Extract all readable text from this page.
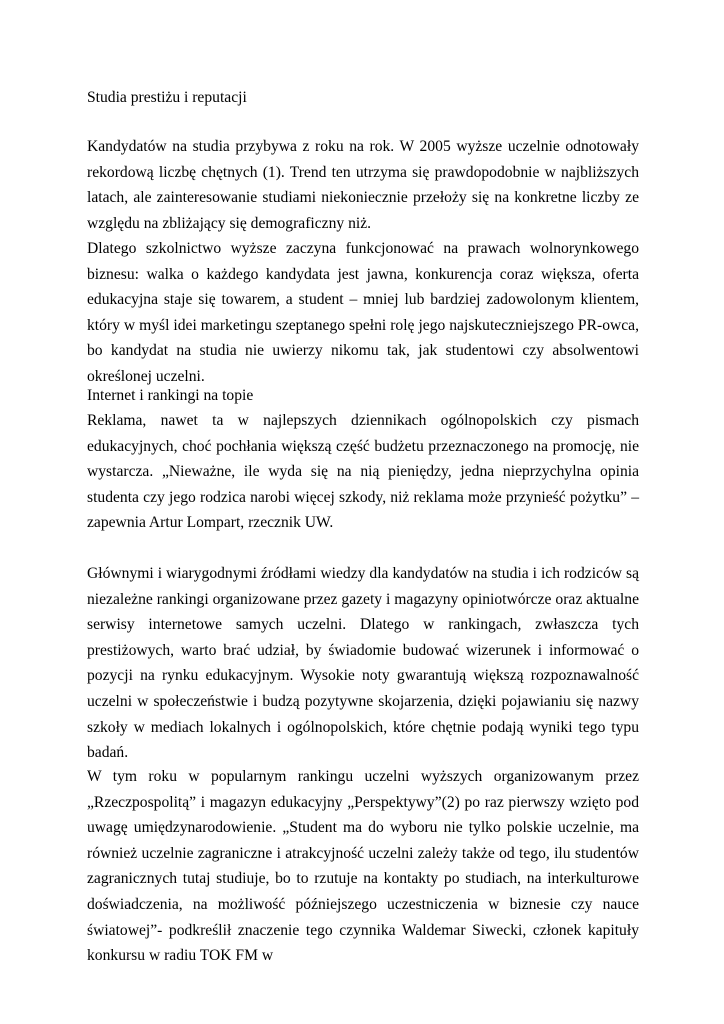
Studia prestiżu i reputacji

Kandydatów na studia przybywa z roku na rok. W 2005 wyższe uczelnie odnotowały rekordową liczbę chętnych (1). Trend ten utrzyma się prawdopodobnie w najbliższych latach, ale zainteresowanie studiami niekoniecznie przełoży się na konkretne liczby ze względu na zbliżający się demograficzny niż.

Dlatego szkolnictwo wyższe zaczyna funkcjonować na prawach wolnorynkowego biznesu: walka o każdego kandydata jest jawna, konkurencja coraz większa, oferta edukacyjna staje się towarem, a student – mniej lub bardziej zadowolonym klientem, który w myśl idei marketingu szeptanego spełni rolę jego najskuteczniejszego PR-owca, bo kandydat na studia nie uwierzy nikomu tak, jak studentowi czy absolwentowi określonej uczelni.

Internet i rankingi na topie

Reklama, nawet ta w najlepszych dziennikach ogólnopolskich czy pismach edukacyjnych, choć pochłania większą część budżetu przeznaczonego na promocję, nie wystarcza. „Nieważne, ile wyda się na nią pieniędzy, jedna nieprzychylna opinia studenta czy jego rodzica narobi więcej szkody, niż reklama może przynieść pożytku” – zapewnia Artur Lompart, rzecznik UW.

Głównymi i wiarygodnymi źródłami wiedzy dla kandydatów na studia i ich rodziców są niezależne rankingi organizowane przez gazety i magazyny opiniotwórcze oraz aktualne serwisy internetowe samych uczelni. Dlatego w rankingach, zwłaszcza tych prestiżowych, warto brać udział, by świadomie budować wizerunek i informować o pozycji na rynku edukacyjnym. Wysokie noty gwarantują większą rozpoznawalność uczelni w społeczeństwie i budzą pozytywne skojarzenia, dzięki pojawianiu się nazwy szkoły w mediach lokalnych i ogólnopolskich, które chętnie podają wyniki tego typu badań.

W tym roku w popularnym rankingu uczelni wyższych organizowanym przez „Rzeczpospolitą” i magazyn edukacyjny „Perspektywy”(2) po raz pierwszy wzięto pod uwagę umiędzynarodowienie. „Student ma do wyboru nie tylko polskie uczelnie, ma również uczelnie zagraniczne i atrakcyjność uczelni zależy także od tego, ilu studentów zagranicznych tutaj studiuje, bo to rzutuje na kontakty po studiach, na interkulturowe doświadczenia, na możliwość późniejszego uczestniczenia w biznesie czy nauce światowej”- podkreślił znaczenie tego czynnika Waldemar Siwecki, członek kapituły konkursu w radiu TOK FM w
